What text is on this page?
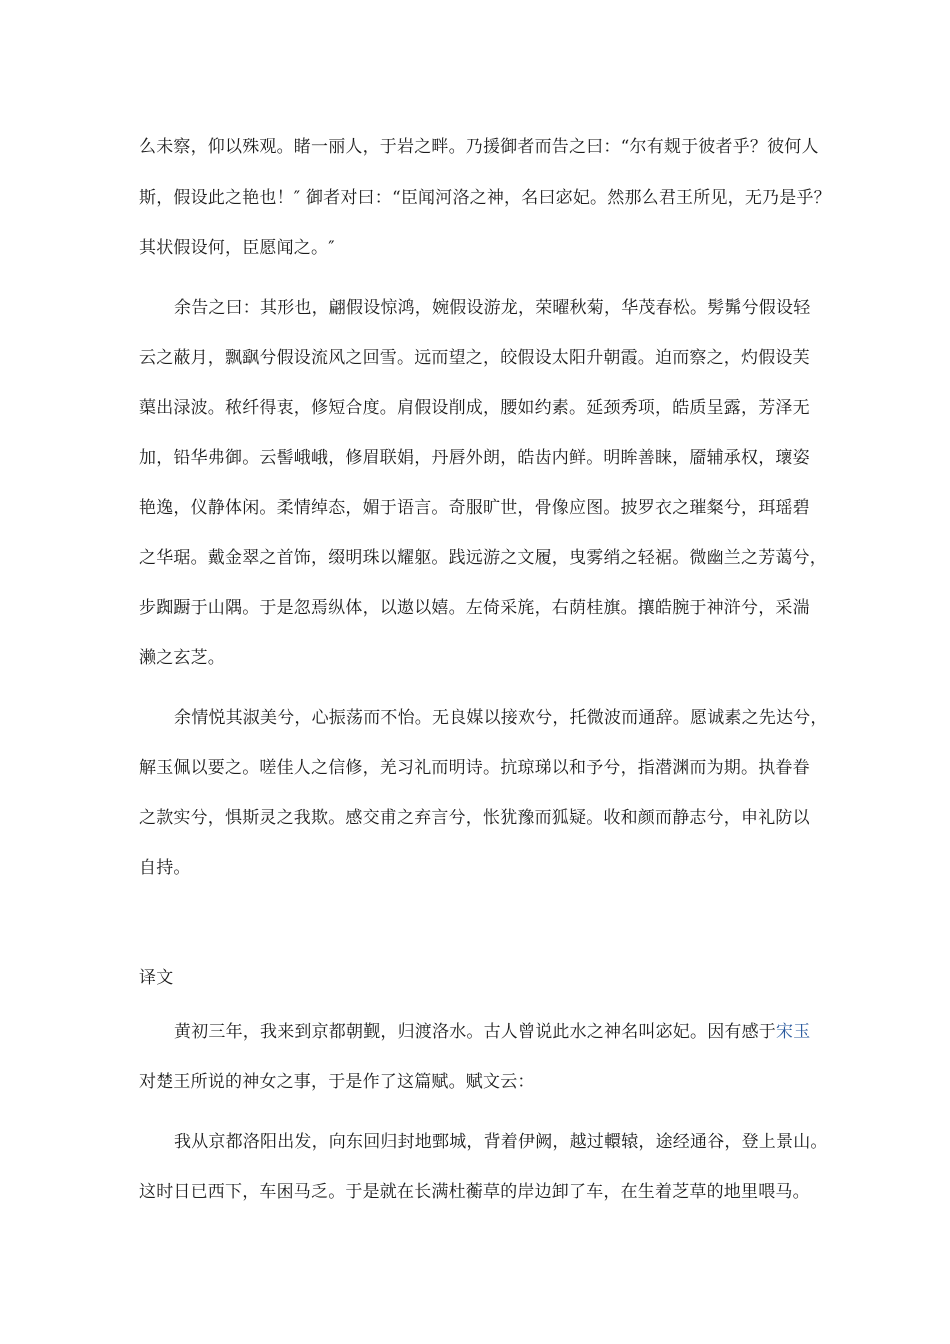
么未察，仰以殊观。睹一丽人，于岩之畔。乃援御者而告之曰：“尔有觌于彼者乎？彼何人
斯，假设此之艳也！″ 御者对曰：“臣闻河洛之神，名曰宓妃。然那么君王所见，无乃是乎？
其状假设何，臣愿闻之。″
余告之曰：其形也，翩假设惊鸿，婉假设游龙，荣曜秋菊，华茂春松。髣髴兮假设轻
云之蔽月，飘飖兮假设流风之回雪。远而望之，皎假设太阳升朝霞。迫而察之，灼假设芙
蕖出渌波。秾纤得衷，修短合度。肩假设削成，腰如约素。延颈秀项，皓质呈露，芳泽无
加，铅华弗御。云髻峨峨，修眉联娟，丹唇外朗，皓齿内鲜。明眸善睐，靥辅承权，瓌姿
艳逸，仪静体闲。柔情绰态，媚于语言。奇服旷世，骨像应图。披罗衣之璀粲兮，珥瑶碧
之华琚。戴金翠之首饰，缀明珠以耀躯。践远游之文履，曳雾绡之轻裾。微幽兰之芳蔼兮，
步踟蹰于山隅。于是忽焉纵体，以遨以嬉。左倚采旄，右荫桂旗。攘皓腕于神浒兮，采湍
濑之玄芝。
余情悦其淑美兮，心振荡而不怡。无良媒以接欢兮，托微波而通辞。愿诚素之先达兮，
解玉佩以要之。嗟佳人之信修，羌习礼而明诗。抗琼珶以和予兮，指潜渊而为期。执眷眷
之款实兮，惧斯灵之我欺。感交甫之弃言兮，怅犹豫而狐疑。收和颜而静志兮，申礼防以
自持。
译文
黄初三年，我来到京都朝觐，归渡洛水。古人曾说此水之神名叫宓妃。因有感于宋玉
对楚王所说的神女之事，于是作了这篇赋。赋文云：
我从京都洛阳出发，向东回归封地鄄城，背着伊阙，越过轘辕，途经通谷，登上景山。
这时日已西下，车困马乏。于是就在长满杜蘅草的岸边卸了车，在生着芝草的地里喂马。
